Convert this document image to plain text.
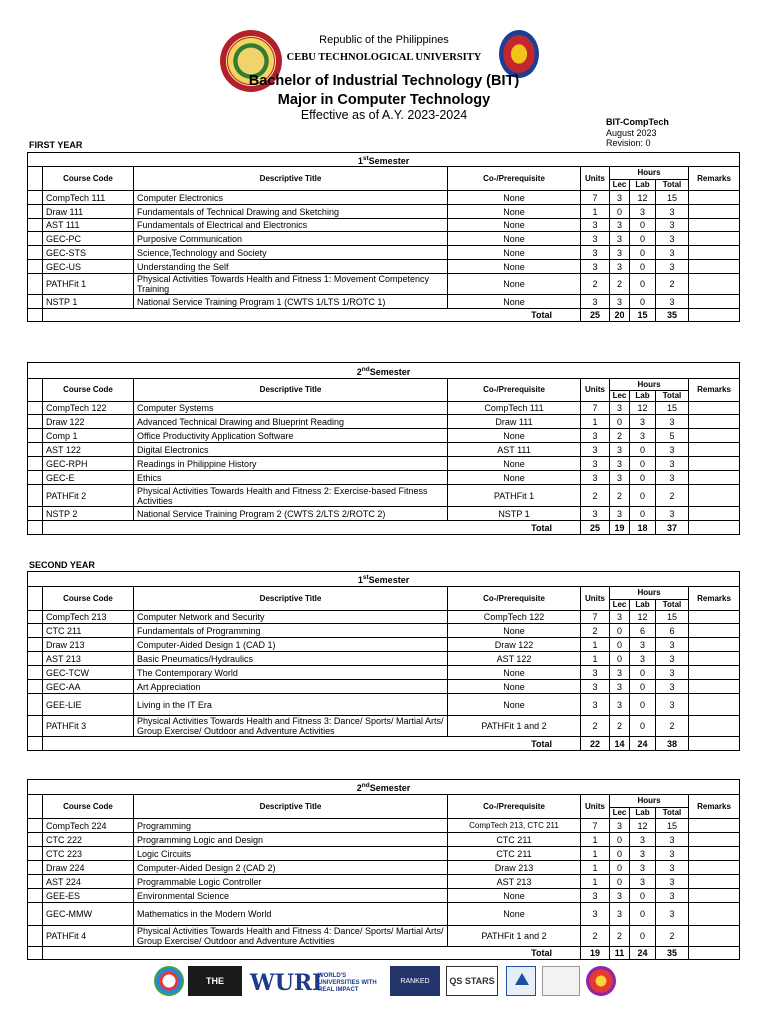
Republic of the Philippines
CEBU TECHNOLOGICAL UNIVERSITY
Bachelor of Industrial Technology (BIT)
Major in Computer Technology
Effective as of A.Y. 2023-2024	BIT-CompTech
August 2023
Revision: 0
FIRST YEAR
1stSemester								
	Course Code	Descriptive Title	Co-/Prerequisite	Units	Hours			Remarks
					Lec	Lab	Total	
	CompTech 111	Computer Electronics	None	7	3	12	15	
	Draw 111	Fundamentals of Technical Drawing and Sketching	None	1	0	3	3	
	AST 111	Fundamentals of Electrical and Electronics	None	3	3	0	3	
	GEC-PC	Purposive Communication	None	3	3	0	3	
	GEC-STS	Science,Technology and Society	None	3	3	0	3	
	GEC-US	Understanding the Self	None	3	3	0	3	
	PATHFit 1	Physical Activities Towards Health and Fitness 1: Movement Competency Training	None	2	2	0	2	
	NSTP 1	National Service Training Program 1 (CWTS 1/LTS 1/ROTC 1)	None	3	3	0	3	
	Total			25	20	15	35	
2ndSemester								
	Course Code	Descriptive Title	Co-/Prerequisite	Units	Hours			Remarks
					Lec	Lab	Total	
	CompTech 122	Computer Systems	CompTech 111	7	3	12	15	
	Draw 122	Advanced Technical Drawing and Blueprint Reading	Draw 111	1	0	3	3	
	Comp 1	Office Productivity Application Software	None	3	2	3	5	
	AST 122	Digital Electronics	AST 111	3	3	0	3	
	GEC-RPH	Readings in Philippine History	None	3	3	0	3	
	GEC-E	Ethics	None	3	3	0	3	
	PATHFit 2	Physical Activities Towards Health and Fitness 2: Exercise-based Fitness Activities	PATHFit 1	2	2	0	2	
	NSTP 2	National Service Training Program 2 (CWTS 2/LTS 2/ROTC 2)	NSTP 1	3	3	0	3	
	Total			25	19	18	37	
SECOND YEAR
1stSemester								
	Course Code	Descriptive Title	Co-/Prerequisite	Units	Hours			Remarks
					Lec	Lab	Total	
	CompTech 213	Computer Network and Security	CompTech 122	7	3	12	15	
	CTC 211	Fundamentals of Programming	None	2	0	6	6	
	Draw 213	Computer-Aided Design 1 (CAD 1)	Draw 122	1	0	3	3	
	AST 213	Basic Pneumatics/Hydraulics	AST 122	1	0	3	3	
	GEC-TCW	The Contemporary World	None	3	3	0	3	
	GEC-AA	Art Appreciation	None	3	3	0	3	
	GEE-LIE	Living in the IT Era	None	3	3	0	3	
	PATHFit 3	Physical Activities Towards Health and Fitness 3: Dance/ Sports/ Martial Arts/ Group Exercise/ Outdoor and Adventure Activities	PATHFit 1 and 2	2	2	0	2	
	Total			22	14	24	38	
2ndSemester								
	Course Code	Descriptive Title	Co-/Prerequisite	Units	Hours			Remarks
					Lec	Lab	Total	
	CompTech 224	Programming	CompTech 213, CTC 211	7	3	12	15	
	CTC 222	Programming Logic and Design	CTC 211	1	0	3	3	
	CTC 223	Logic Circuits	CTC 211	1	0	3	3	
	Draw 224	Computer-Aided Design 2 (CAD 2)	Draw 213	1	0	3	3	
	AST 224	Programmable Logic Controller	AST 213	1	0	3	3	
	GEE-ES	Environmental Science	None	3	3	0	3	
	GEC-MMW	Mathematics in the Modern World	None	3	3	0	3	
	PATHFit 4	Physical Activities Towards Health and Fitness 4: Dance/ Sports/ Martial Arts/ Group Exercise/ Outdoor and Adventure Activities	PATHFit 1 and 2	2	2	0	2	
	Total			19	11	24	35	
THE	WURI
WORLD'S UNIVERSITIES WITH REAL IMPACT
RANKED	QS STARS
